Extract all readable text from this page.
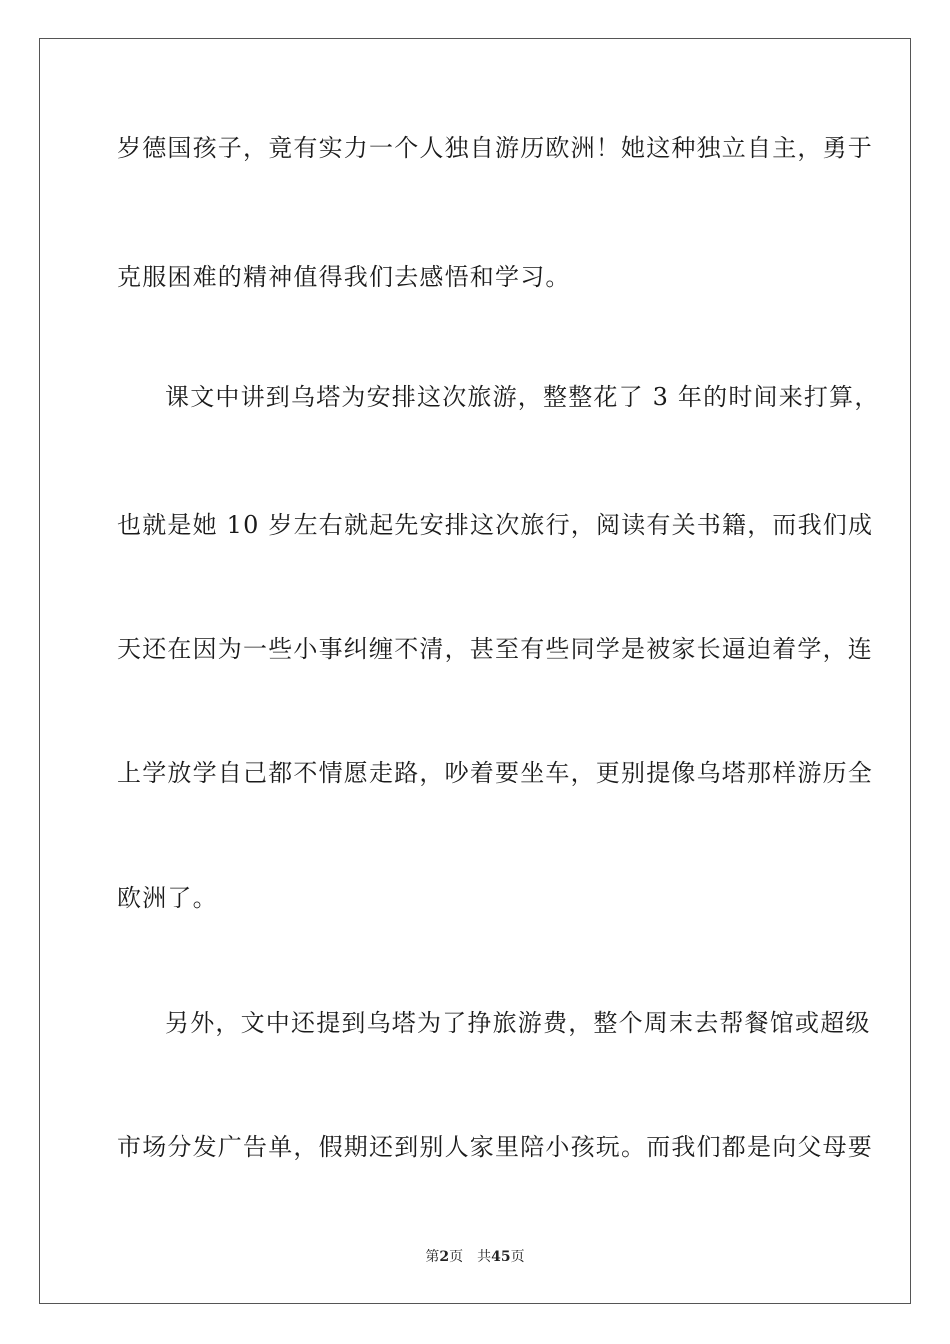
岁德国孩子，竟有实力一个人独自游历欧洲！她这种独立自主，勇于
克服困难的精神值得我们去感悟和学习。
课文中讲到乌塔为安排这次旅游，整整花了 3 年的时间来打算，
也就是她 10 岁左右就起先安排这次旅行，阅读有关书籍，而我们成
天还在因为一些小事纠缠不清，甚至有些同学是被家长逼迫着学，连
上学放学自己都不情愿走路，吵着要坐车，更别提像乌塔那样游历全
欧洲了。
另外，文中还提到乌塔为了挣旅游费，整个周末去帮餐馆或超级
市场分发广告单，假期还到别人家里陪小孩玩。而我们都是向父母要
第2页 共45页
